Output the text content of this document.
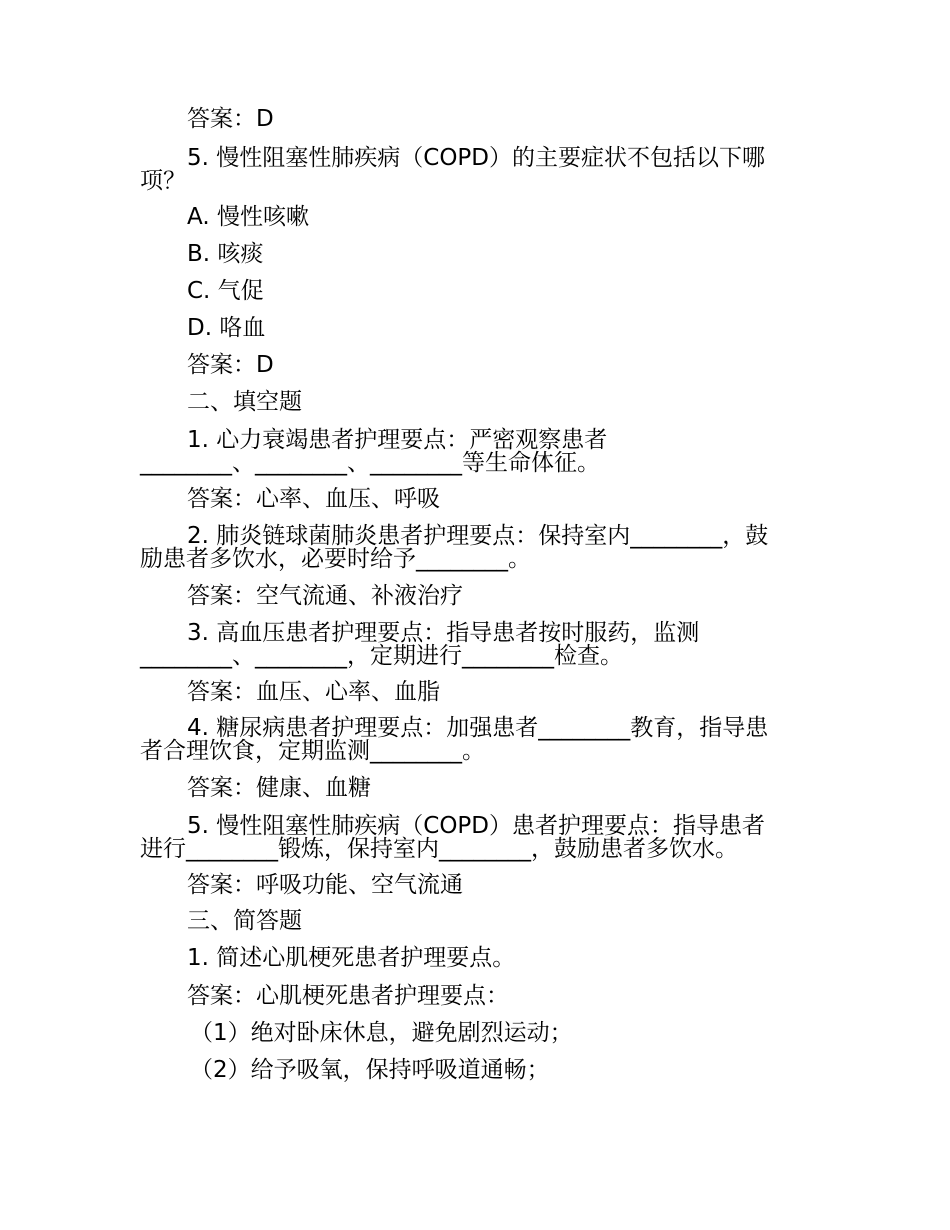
答案：D
5. 慢性阻塞性肺疾病（COPD）的主要症状不包括以下哪
项？
A. 慢性咳嗽
B. 咳痰
C. 气促
D. 咯血
答案：D
二、填空题
1. 心力衰竭患者护理要点：严密观察患者
________、________、________等生命体征。
答案：心率、血压、呼吸
2. 肺炎链球菌肺炎患者护理要点：保持室内________，鼓
励患者多饮水，必要时给予________。
答案：空气流通、补液治疗
3. 高血压患者护理要点：指导患者按时服药，监测
________、________，定期进行________检查。
答案：血压、心率、血脂
4. 糖尿病患者护理要点：加强患者________教育，指导患
者合理饮食，定期监测________。
答案：健康、血糖
5. 慢性阻塞性肺疾病（COPD）患者护理要点：指导患者
进行________锻炼，保持室内________，鼓励患者多饮水。
答案：呼吸功能、空气流通
三、简答题
1. 简述心肌梗死患者护理要点。
答案：心肌梗死患者护理要点：
（1）绝对卧床休息，避免剧烈运动；
（2）给予吸氧，保持呼吸道通畅；
